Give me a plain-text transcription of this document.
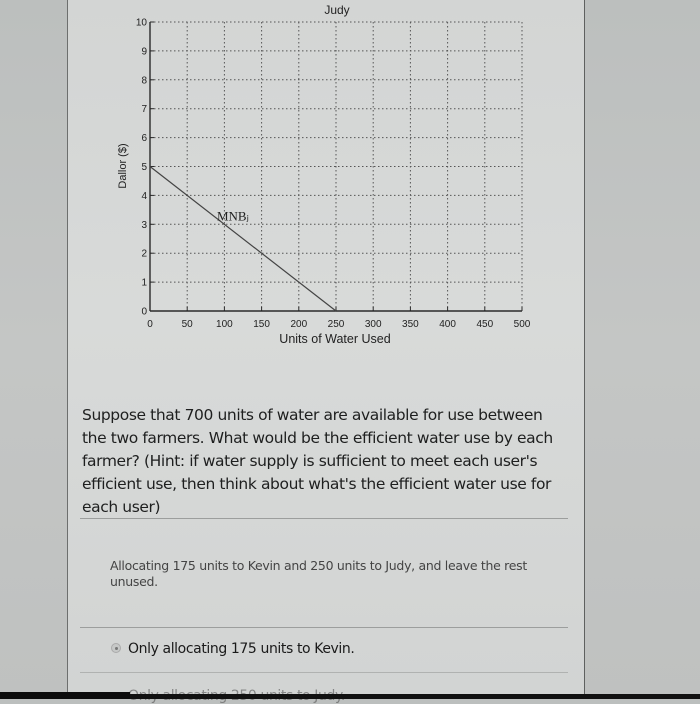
0
1
2
3
4
5
6
7
8
9
10
0	50 100 150 200 250 300 350 400 450 500
MNBⱼ
Judy
Units of Water Used
Dallor ($)
Suppose that 700 units of water are available for use between the two farmers. What would be the efficient water use by each farmer? (Hint: if water supply is sufficient to meet each user's efficient use, then think about what's the efficient water use for each user)
Allocating 175 units to Kevin and 250 units to Judy, and leave the rest unused.
Only allocating 175 units to Kevin.
